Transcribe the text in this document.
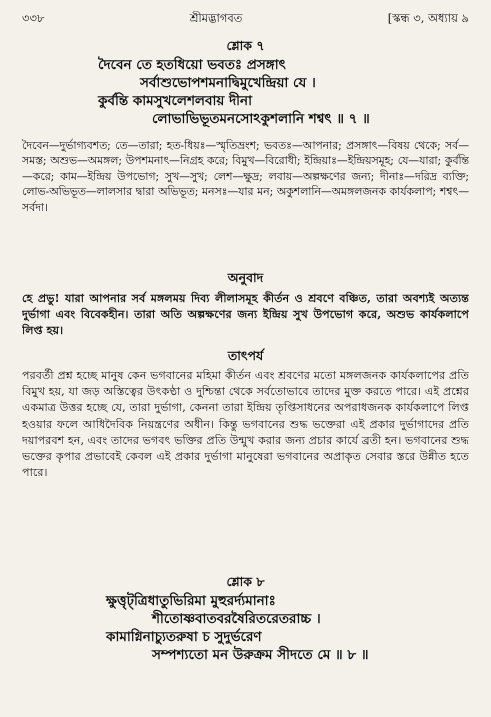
৩৩৮	শ্রীমদ্ভাগবত	[স্কন্ধ ৩, অধ্যায় ৯
শ্লোক ৭
দৈবেন তে হতধিয়ো ভবতঃ প্রসঙ্গাৎ
সর্বাশুভোপশমনাদ্বিমুখেন্দ্রিয়া যে ।
কুর্বন্তি কামসুখলেশলবায় দীনা
লোভাভিভূতমনসোঽকুশলানি শশ্বৎ ॥ ৭ ॥
দৈবেন—দুর্ভাগ্যবশত; তে—তারা; হত-ধিয়ঃ—স্মৃতিভ্রংশ; ভবতঃ—আপনার; প্রসঙ্গাৎ—বিষয় থেকে; সর্ব—সমস্ত; অশুভ—অমঙ্গল; উপশমনাৎ—নিগ্রহ করে; বিমুখ—বিরোধী; ইন্দ্রিয়াঃ—ইন্দ্রিয়সমূহ; যে—যারা; কুর্বন্তি—করে; কাম—ইন্দ্রিয় উপভোগ; সুখ—সুখ; লেশ—ক্ষুদ্র; লবায়—অল্পক্ষণের জন্য; দীনাঃ—দরিদ্র ব্যক্তি; লোভ-অভিভূত—লালসার দ্বারা অভিভূত; মনসঃ—যার মন; অকুশলানি—অমঙ্গলজনক কার্যকলাপ; শশ্বৎ—সর্বদা।
অনুবাদ
হে প্রভু! যারা আপনার সর্ব মঙ্গলময় দিব্য লীলাসমূহ কীর্তন ও শ্রবণে বঞ্চিত, তারা অবশ্যই অত্যন্ত দুর্ভাগা এবং বিবেকহীন। তারা অতি অল্পক্ষণের জন্য ইন্দ্রিয় সুখ উপভোগ করে, অশুভ কার্যকলাপে লিপ্ত হয়।
তাৎপর্য
পরবর্তী প্রশ্ন হচ্ছে মানুষ কেন ভগবানের মহিমা কীর্তন এবং শ্রবণের মতো মঙ্গলজনক কার্যকলাপের প্রতি বিমুখ হয়, যা জড় অস্তিত্বের উৎকণ্ঠা ও দুশ্চিন্তা থেকে সর্বতোভাবে তাদের মুক্ত করতে পারে। এই প্রশ্নের একমাত্র উত্তর হচ্ছে যে, তারা দুর্ভাগা, কেননা তারা ইন্দ্রিয় তৃপ্তিসাধনের অপরাধজনক কার্যকলাপে লিপ্ত হওয়ার ফলে আধিদৈবিক নিয়ন্ত্রণের অধীন। কিন্তু ভগবানের শুদ্ধ ভক্তেরা এই প্রকার দুর্ভাগাদের প্রতি দয়াপরবশ হন, এবং তাদের ভগবৎ ভক্তির প্রতি উন্মুখ করার জন্য প্রচার কার্যে ব্রতী হন। ভগবানের শুদ্ধ ভক্তের কৃপার প্রভাবেই কেবল এই প্রকার দুর্ভাগা মানুষেরা ভগবানের অপ্রাকৃত সেবার স্তরে উন্নীত হতে পারে।
শ্লোক ৮
ক্ষুত্তৃট্‌ত্রিধাতুভিরিমা মুহুরর্দ্যমানাঃ
শীতোষ্ণবাতবরষৈরিতরেতরাচ্চ ।
কামাগ্নিনাচ্যুতরুষা চ সুদুর্ভরেণ
সম্পশ্যতো মন উরুক্রম সীদতে মে ॥ ৮ ॥
